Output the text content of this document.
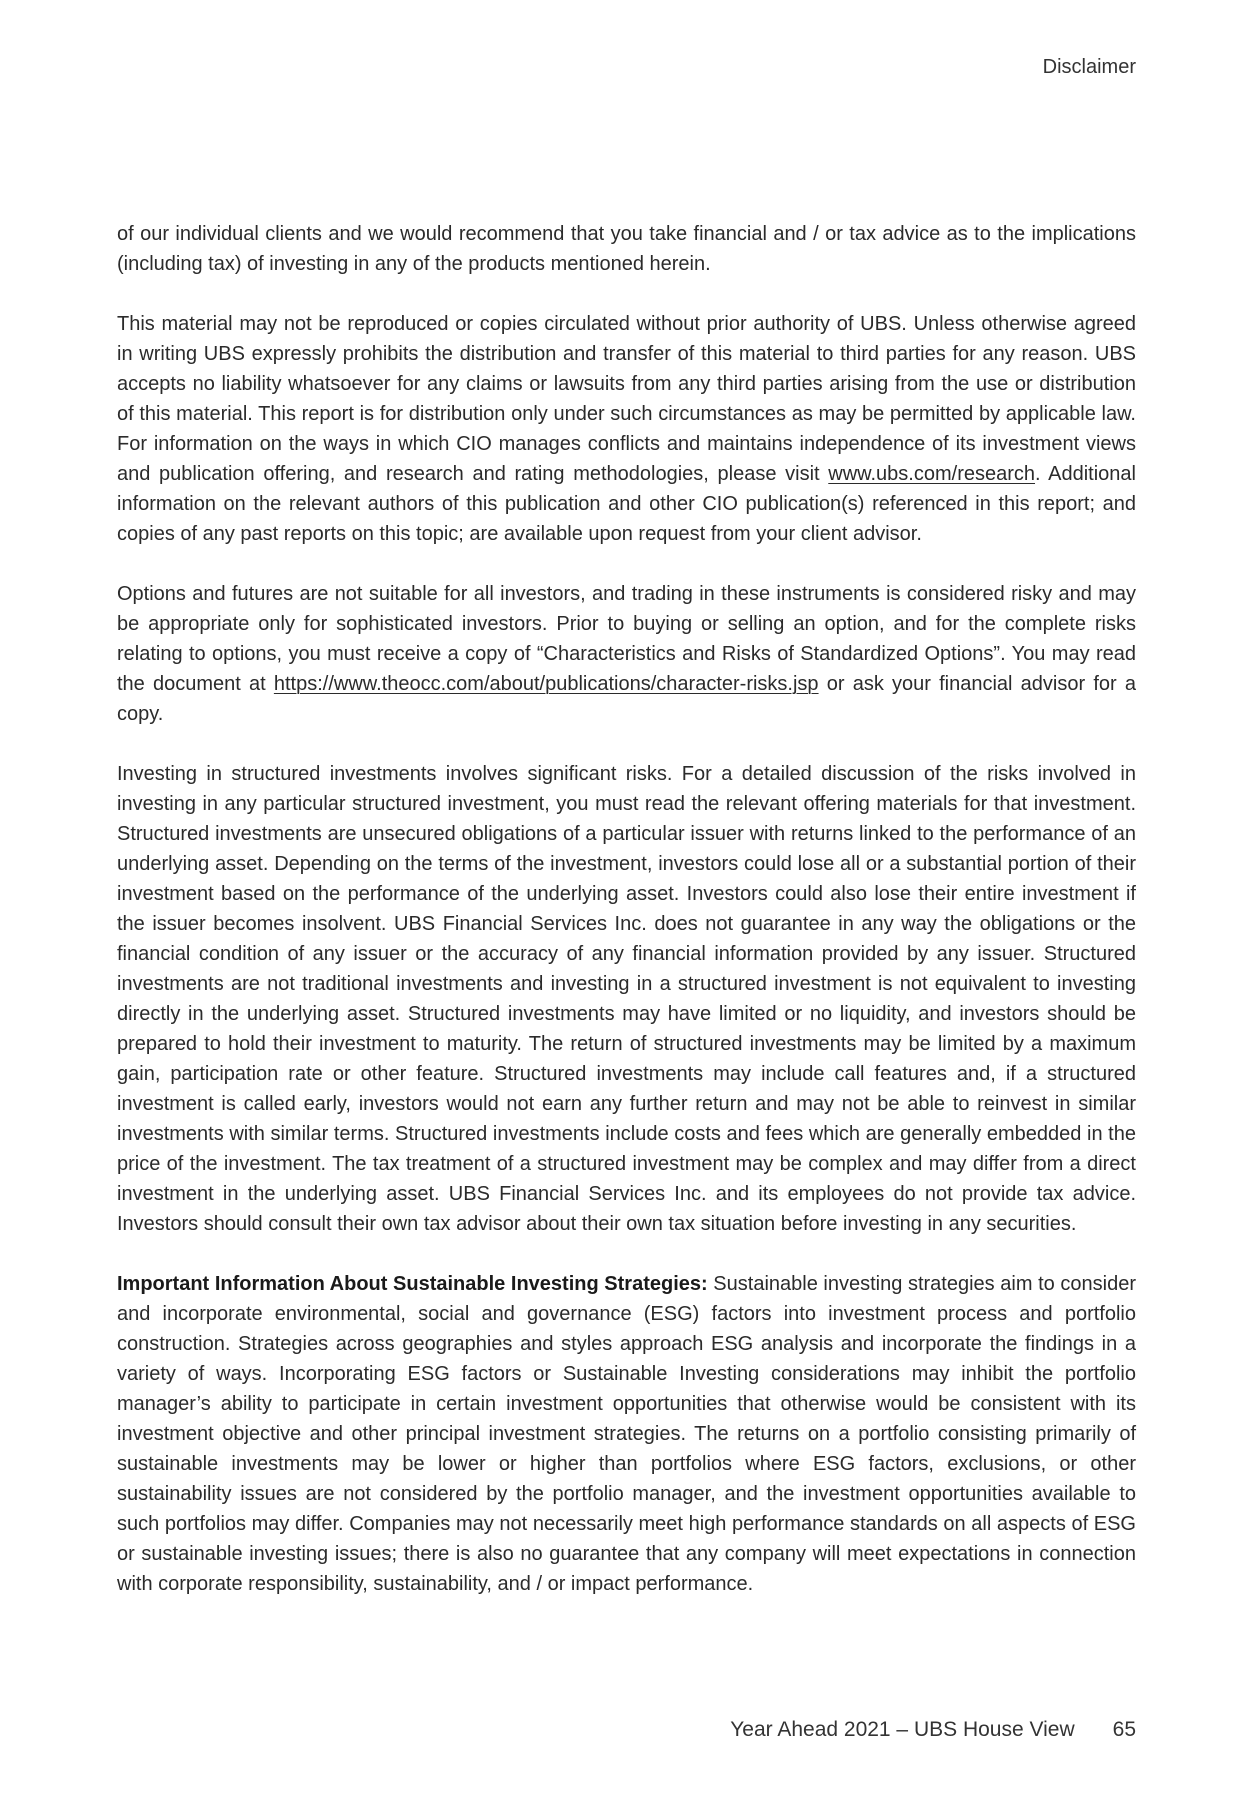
Disclaimer

of our individual clients and we would recommend that you take financial and / or tax advice as to the implications (including tax) of investing in any of the products mentioned herein.

This material may not be reproduced or copies circulated without prior authority of UBS. Unless otherwise agreed in writing UBS expressly prohibits the distribution and transfer of this material to third parties for any reason. UBS accepts no liability whatsoever for any claims or lawsuits from any third parties arising from the use or distribution of this material. This report is for distribution only under such circumstances as may be permitted by applicable law. For information on the ways in which CIO manages conflicts and maintains independence of its investment views and publication offering, and research and rating methodologies, please visit www.ubs.com/research. Additional information on the relevant authors of this publication and other CIO publication(s) referenced in this report; and copies of any past reports on this topic; are available upon request from your client advisor.

Options and futures are not suitable for all investors, and trading in these instruments is considered risky and may be appropriate only for sophisticated investors. Prior to buying or selling an option, and for the complete risks relating to options, you must receive a copy of “Characteristics and Risks of Standardized Options”. You may read the document at https://www.theocc.com/about/publications/character-risks.jsp or ask your financial advisor for a copy.

Investing in structured investments involves significant risks. For a detailed discussion of the risks involved in investing in any particular structured investment, you must read the relevant offering materials for that investment. Structured investments are unsecured obligations of a particular issuer with returns linked to the performance of an underlying asset. Depending on the terms of the investment, investors could lose all or a substantial portion of their investment based on the performance of the underlying asset. Investors could also lose their entire investment if the issuer becomes insolvent. UBS Financial Services Inc. does not guarantee in any way the obligations or the financial condition of any issuer or the accuracy of any financial information provided by any issuer. Structured investments are not traditional investments and investing in a structured investment is not equivalent to investing directly in the underlying asset. Structured investments may have limited or no liquidity, and investors should be prepared to hold their investment to maturity. The return of structured investments may be limited by a maximum gain, participation rate or other feature. Structured investments may include call features and, if a structured investment is called early, investors would not earn any further return and may not be able to reinvest in similar investments with similar terms. Structured investments include costs and fees which are generally embedded in the price of the investment. The tax treatment of a structured investment may be complex and may differ from a direct investment in the underlying asset. UBS Financial Services Inc. and its employees do not provide tax advice. Investors should consult their own tax advisor about their own tax situation before investing in any securities.

Important Information About Sustainable Investing Strategies: Sustainable investing strategies aim to consider and incorporate environmental, social and governance (ESG) factors into investment process and portfolio construction. Strategies across geographies and styles approach ESG analysis and incorporate the findings in a variety of ways. Incorporating ESG factors or Sustainable Investing considerations may inhibit the portfolio manager’s ability to participate in certain investment opportunities that otherwise would be consistent with its investment objective and other principal investment strategies. The returns on a portfolio consisting primarily of sustainable investments may be lower or higher than portfolios where ESG factors, exclusions, or other sustainability issues are not considered by the portfolio manager, and the investment opportunities available to such portfolios may differ. Companies may not necessarily meet high performance standards on all aspects of ESG or sustainable investing issues; there is also no guarantee that any company will meet expectations in connection with corporate responsibility, sustainability, and / or impact performance.

Year Ahead 2021 – UBS House View 65
